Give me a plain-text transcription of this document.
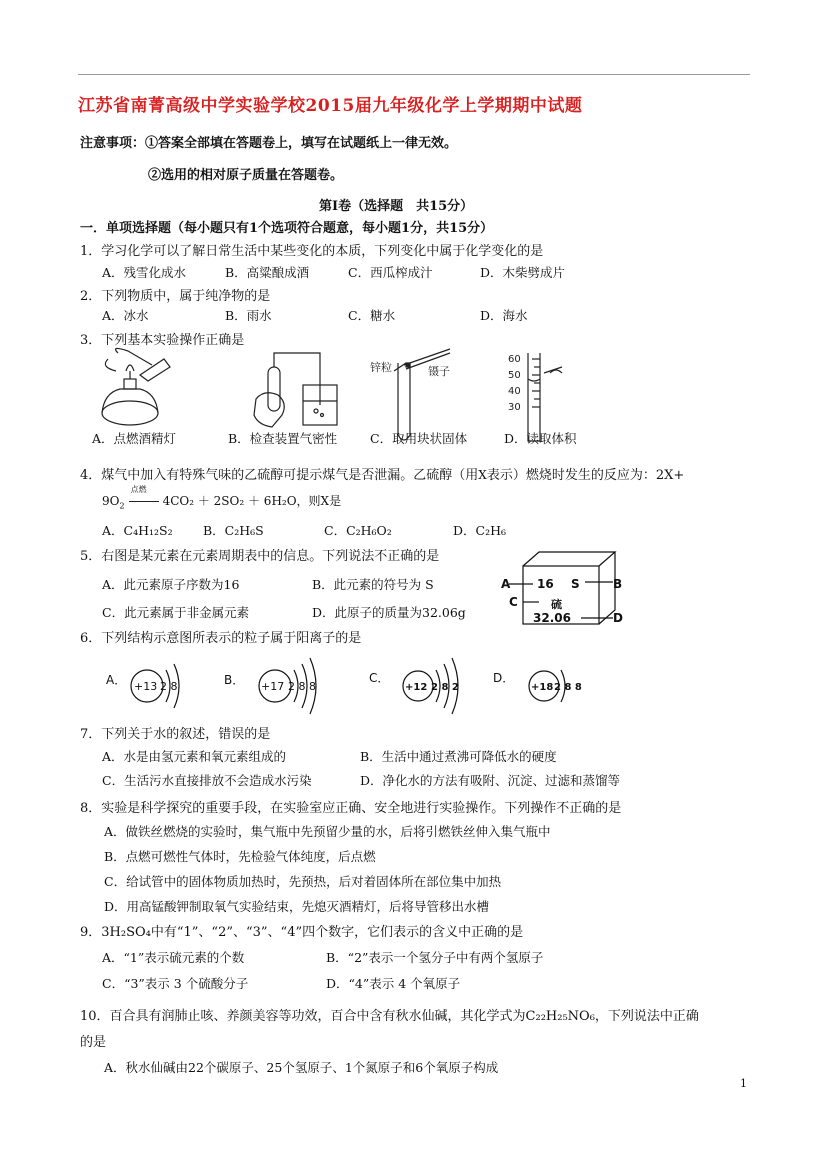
江苏省南菁高级中学实验学校2015届九年级化学上学期期中试题
注意事项：①答案全部填在答题卷上，填写在试题纸上一律无效。
②选用的相对原子质量在答题卷。
第Ⅰ卷（选择题　共15分）
一．单项选择题（每小题只有1个选项符合题意，每小题1分，共15分）
1．学习化学可以了解日常生活中某些变化的本质，下列变化中属于化学变化的是
A．残雪化成水	B．高粱酿成酒	C．西瓜榨成汁	D．木柴劈成片
2．下列物质中，属于纯净物的是
A．冰水	B．雨水	C．糖水	D．海水
3．下列基本实验操作正确是
锌粒	镊子
60
50
40
30
A．点燃酒精灯	B．检查装置气密性	C．取用块状固体	D．读取体积
4．煤气中加入有特殊气味的乙硫醇可提示煤气是否泄漏。乙硫醇（用X表示）燃烧时发生的反应为：2X+
$9O_2$
点燃
4CO₂ ＋ 2SO₂ ＋ 6H₂O，则X是
A．C₄H₁₂S₂ B．C₂H₆S	C．C₂H₆O₂	D．C₂H₆
5．右图是某元素在元素周期表中的信息。下列说法不正确的是
A．此元素原子序数为16	B．此元素的符号为 S
C．此元素属于非金属元素	D．此原子的质量为32.06g
A 16 S	B
C	硫
32.06	D
6．下列结构示意图所表示的粒子属于阳离子的是
A． +13 2 8	B． +17 2 8 8
C．
+12 2 8 2
D．
+18 2 8 8
7．下列关于水的叙述，错误的是
A．水是由氢元素和氧元素组成的	B．生活中通过煮沸可降低水的硬度
C．生活污水直接排放不会造成水污染	D．净化水的方法有吸附、沉淀、过滤和蒸馏等
8．实验是科学探究的重要手段，在实验室应正确、安全地进行实验操作。下列操作不正确的是
A．做铁丝燃烧的实验时，集气瓶中先预留少量的水，后将引燃铁丝伸入集气瓶中
B．点燃可燃性气体时，先检验气体纯度，后点燃
C．给试管中的固体物质加热时，先预热，后对着固体所在部位集中加热
D．用高锰酸钾制取氧气实验结束，先熄灭酒精灯，后将导管移出水槽
9．3H₂SO₄中有“1”、“2”、“3”、“4”四个数字，它们表示的含义中正确的是
A．“1”表示硫元素的个数	B．“2”表示一个氢分子中有两个氢原子
C．“3”表示 3 个硫酸分子	D．“4”表示 4 个氧原子
10．百合具有润肺止咳、养颜美容等功效，百合中含有秋水仙碱，其化学式为C₂₂H₂₅NO₆，下列说法中正确
的是
A．秋水仙碱由22个碳原子、25个氢原子、1个氮原子和6个氧原子构成
1
